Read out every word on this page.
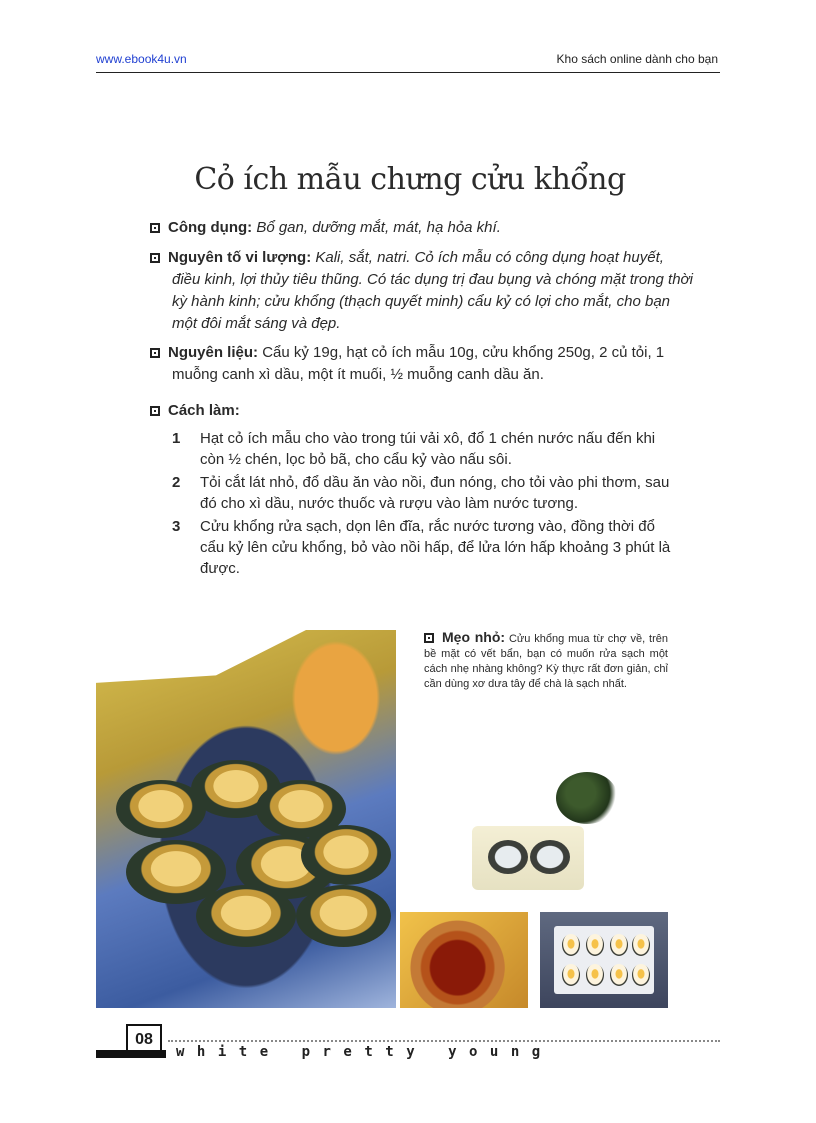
www.ebook4u.vn	Kho sách online dành cho bạn
Cỏ ích mẫu chưng cửu khổng
Công dụng: Bổ gan, dưỡng mắt, mát, hạ hỏa khí.
Nguyên tố vi lượng: Kali, sắt, natri. Cỏ ích mẫu có công dụng hoạt huyết, điều kinh, lợi thủy tiêu thũng. Có tác dụng trị đau bụng và chóng mặt trong thời kỳ hành kinh; cửu khổng (thạch quyết minh) cẩu kỷ có lợi cho mắt, cho bạn một đôi mắt sáng và đẹp.
Nguyên liệu: Cẩu kỷ 19g, hạt cỏ ích mẫu 10g, cửu khổng 250g, 2 củ tỏi, 1 muỗng canh xì dầu, một ít muối, ½ muỗng canh dầu ăn.
Cách làm:
1	Hạt cỏ ích mẫu cho vào trong túi vải xô, đổ 1 chén nước nấu đến khi còn ½ chén, lọc bỏ bã, cho cẩu kỷ vào nấu sôi.
2	Tỏi cắt lát nhỏ, đổ dầu ăn vào nồi, đun nóng, cho tỏi vào phi thơm, sau đó cho xì dầu, nước thuốc và rượu vào làm nước tương.
3	Cửu khổng rửa sạch, dọn lên đĩa, rắc nước tương vào, đồng thời đổ cẩu kỷ lên cửu khổng, bỏ vào nồi hấp, để lửa lớn hấp khoảng 3 phút là được.
Mẹo nhỏ: Cửu khổng mua từ chợ về, trên bề mặt có vết bẩn, bạn có muốn rửa sạch một cách nhẹ nhàng không? Kỳ thực rất đơn giản, chỉ cần dùng xơ dưa tây để chà là sạch nhất.
08
white pretty young
